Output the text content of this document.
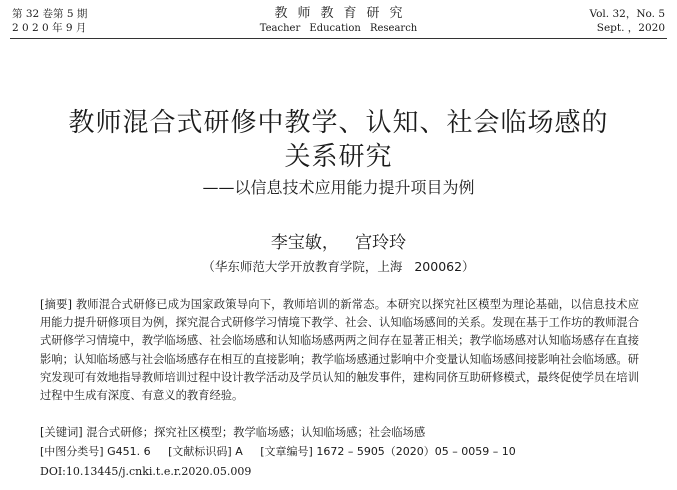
第 32 卷第 5 期
2 0 2 0 年 9 月
教师教育研究
Teacher Education Research
Vol. 32，No. 5
Sept. ，2020
教师混合式研修中教学、认知、社会临场感的
关系研究
——以信息技术应用能力提升项目为例
李宝敏，   宫玲玲
（华东师范大学开放教育学院，上海   200062）
[摘要] 教师混合式研修已成为国家政策导向下，教师培训的新常态。本研究以探究社区模型为理论基础，以信息技术应用能力提升研修项目为例，探究混合式研修学习情境下教学、社会、认知临场感间的关系。发现在基于工作坊的教师混合式研修学习情境中，教学临场感、社会临场感和认知临场感两两之间存在显著正相关；教学临场感对认知临场感存在直接影响；认知临场感与社会临场感存在相互的直接影响；教学临场感通过影响中介变量认知临场感间接影响社会临场感。研究发现可有效地指导教师培训过程中设计教学活动及学员认知的触发事件，建构同侪互助研修模式，最终促使学员在培训过程中生成有深度、有意义的教育经验。
[关键词] 混合式研修；探究社区模型；教学临场感；认知临场感；社会临场感
[中图分类号] G451. 6 [文献标识码] A [文章编号] 1672 – 5905（2020）05 – 0059 – 10
DOI:10.13445/j.cnki.t.e.r.2020.05.009
